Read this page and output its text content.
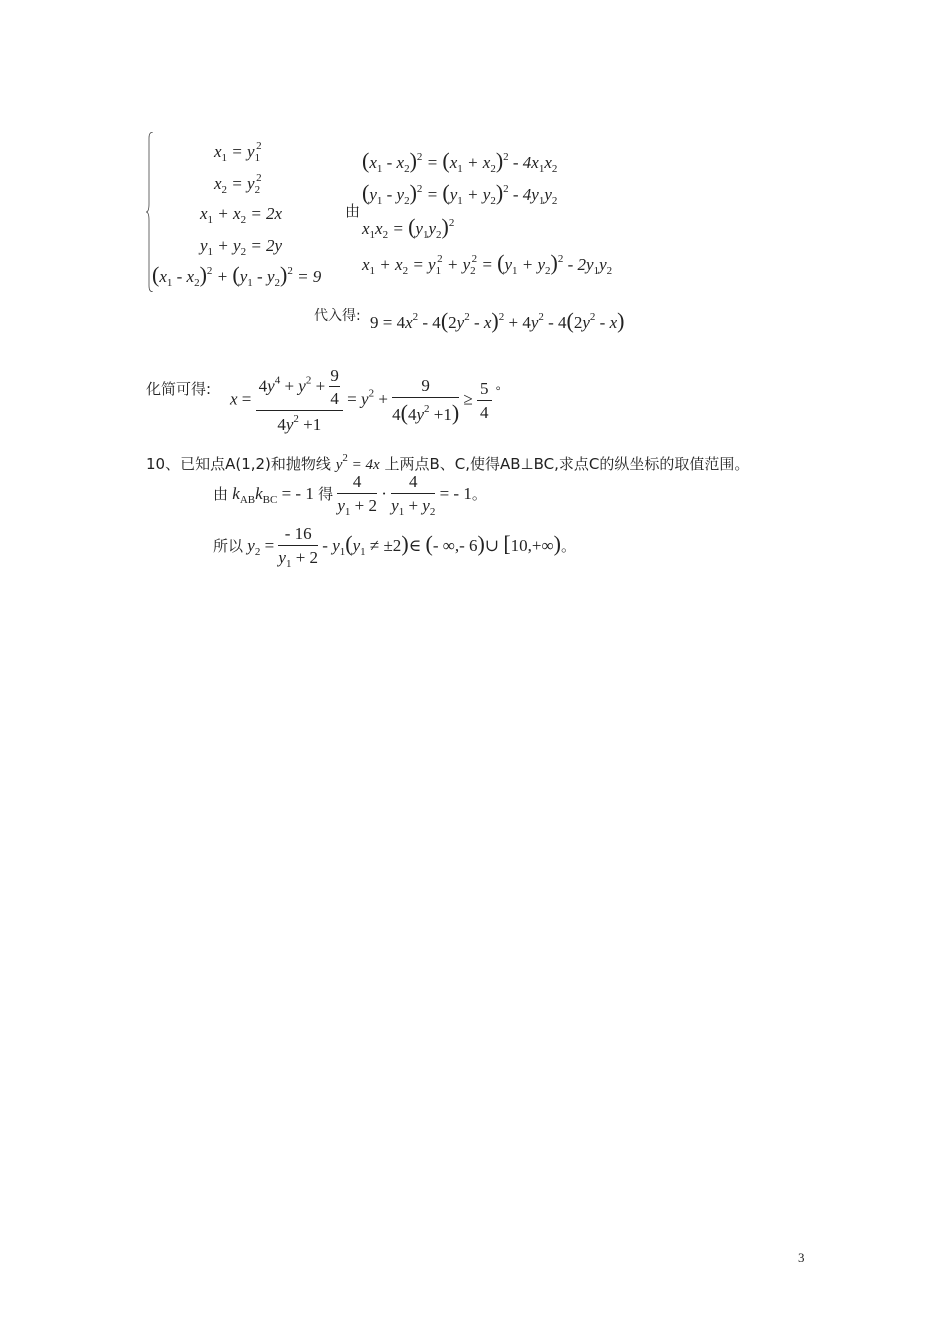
$x_1 = y_1^2$
$x_2 = y_2^2$
$x_1 + x_2 = 2x$
$y_1 + y_2 = 2y$
$(x_1 - x_2)^2 + (y_1 - y_2)^2 = 9$
由
$(x_1 - x_2)^2 = (x_1 + x_2)^2 - 4x_1x_2$
$(y_1 - y_2)^2 = (y_1 + y_2)^2 - 4y_1y_2$
$x_1x_2 = (y_1y_2)^2$
$x_1 + x_2 = y_1^2 + y_2^2 = (y_1 + y_2)^2 - 2y_1y_2$
代入得: $9 = 4x^2 - 4(2y^2 - x)^2 + 4y^2 - 4(2y^2 - x)$
化简可得:
$x = \frac{4y^4 + y^2 + \frac{9}{4}}{4y^2 +1} = y^2 + \frac{9}{4(4y^2 +1)} \ge \frac{5}{4} ^\circ$
10、已知点A(1,2)和抛物线 $y^2 = 4x$ 上两点B、C,使得AB⊥BC,求点C的纵坐标的取值范围。
由 $k_{AB}k_{BC}$ = - 1 得 $\frac{4}{y_1 + 2} \cdot \frac{4}{y_1 + y_2}$ = - 1。
所以 $y_2 = \frac{- 16}{y_1 + 2} - y_1(y_1$ ≠ ±2)∈ (- ∞,- 6)∪ [10,+∞)。
3
